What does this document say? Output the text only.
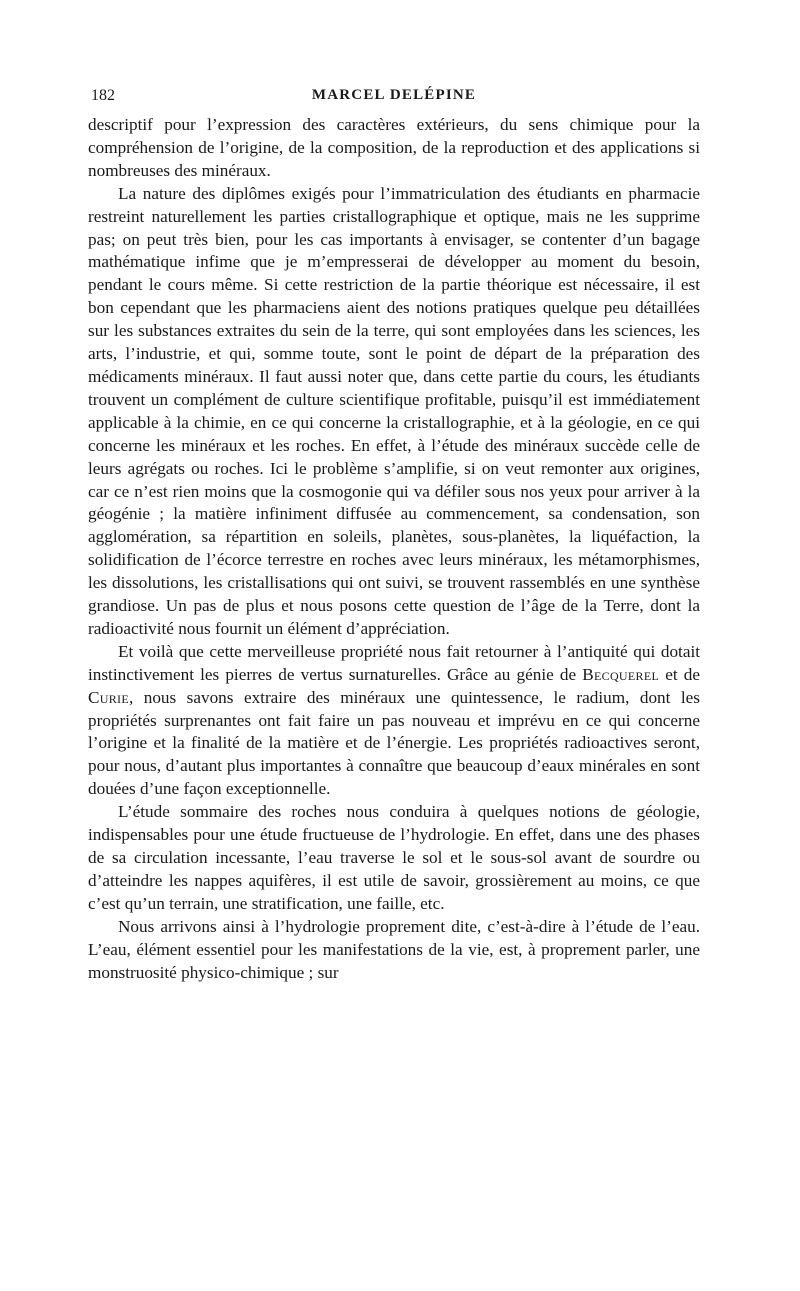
182	MARCEL DELÉPINE

descriptif pour l’expression des caractères extérieurs, du sens chimique pour la compréhension de l’origine, de la composition, de la reproduction et des applications si nombreuses des minéraux.

La nature des diplômes exigés pour l’immatriculation des étudiants en pharmacie restreint naturellement les parties cristallographique et optique, mais ne les supprime pas; on peut très bien, pour les cas importants à envisager, se contenter d’un bagage mathématique infime que je m’empresserai de développer au moment du besoin, pendant le cours même. Si cette restriction de la partie théorique est nécessaire, il est bon cependant que les pharmaciens aient des notions pratiques quelque peu détaillées sur les substances extraites du sein de la terre, qui sont employées dans les sciences, les arts, l’industrie, et qui, somme toute, sont le point de départ de la préparation des médicaments minéraux. Il faut aussi noter que, dans cette partie du cours, les étudiants trouvent un complément de culture scientifique profitable, puisqu’il est immédiatement applicable à la chimie, en ce qui concerne la cristallographie, et à la géologie, en ce qui concerne les minéraux et les roches. En effet, à l’étude des minéraux succède celle de leurs agrégats ou roches. Ici le problème s’amplifie, si on veut remonter aux origines, car ce n’est rien moins que la cosmogonie qui va défiler sous nos yeux pour arriver à la géogénie ; la matière infiniment diffusée au commencement, sa condensation, son agglomération, sa répartition en soleils, planètes, sous-planètes, la liquéfaction, la solidification de l’écorce terrestre en roches avec leurs minéraux, les métamorphismes, les dissolutions, les cristallisations qui ont suivi, se trouvent rassemblés en une synthèse grandiose. Un pas de plus et nous posons cette question de l’âge de la Terre, dont la radioactivité nous fournit un élément d’appréciation.

Et voilà que cette merveilleuse propriété nous fait retourner à l’antiquité qui dotait instinctivement les pierres de vertus surnaturelles. Grâce au génie de Becquerel et de Curie, nous savons extraire des minéraux une quintessence, le radium, dont les propriétés surprenantes ont fait faire un pas nouveau et imprévu en ce qui concerne l’origine et la finalité de la matière et de l’énergie. Les propriétés radioactives seront, pour nous, d’autant plus importantes à connaître que beaucoup d’eaux minérales en sont douées d’une façon exceptionnelle.

L’étude sommaire des roches nous conduira à quelques notions de géologie, indispensables pour une étude fructueuse de l’hydrologie. En effet, dans une des phases de sa circulation incessante, l’eau traverse le sol et le sous-sol avant de sourdre ou d’atteindre les nappes aquifères, il est utile de savoir, grossièrement au moins, ce que c’est qu’un terrain, une stratification, une faille, etc.

Nous arrivons ainsi à l’hydrologie proprement dite, c’est-à-dire à l’étude de l’eau. L’eau, élément essentiel pour les manifestations de la vie, est, à proprement parler, une monstruosité physico-chimique ; sur
